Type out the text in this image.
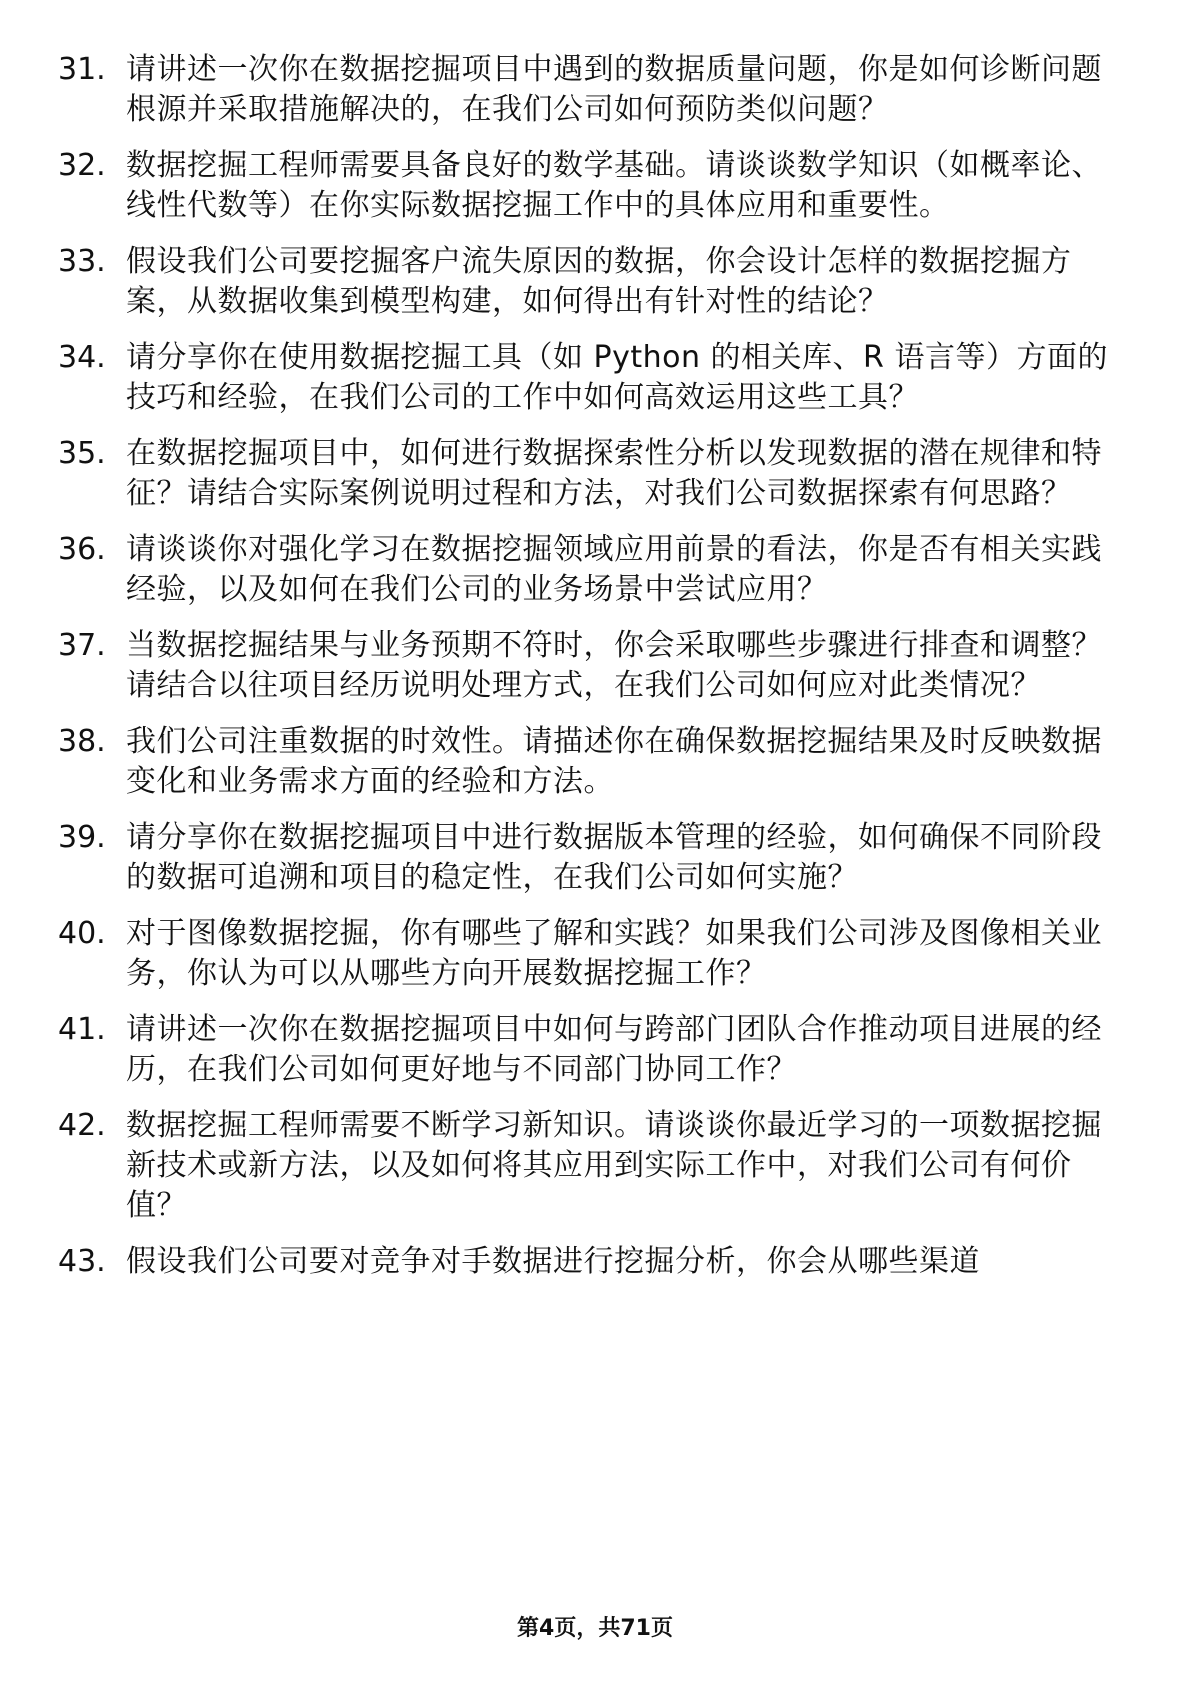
31. 请讲述一次你在数据挖掘项目中遇到的数据质量问题，你是如何诊断问题根源并采取措施解决的，在我们公司如何预防类似问题？
32. 数据挖掘工程师需要具备良好的数学基础。请谈谈数学知识（如概率论、线性代数等）在你实际数据挖掘工作中的具体应用和重要性。
33. 假设我们公司要挖掘客户流失原因的数据，你会设计怎样的数据挖掘方案，从数据收集到模型构建，如何得出有针对性的结论？
34. 请分享你在使用数据挖掘工具（如 Python 的相关库、R 语言等）方面的技巧和经验，在我们公司的工作中如何高效运用这些工具？
35. 在数据挖掘项目中，如何进行数据探索性分析以发现数据的潜在规律和特征？请结合实际案例说明过程和方法，对我们公司数据探索有何思路？
36. 请谈谈你对强化学习在数据挖掘领域应用前景的看法，你是否有相关实践经验，以及如何在我们公司的业务场景中尝试应用？
37. 当数据挖掘结果与业务预期不符时，你会采取哪些步骤进行排查和调整？请结合以往项目经历说明处理方式，在我们公司如何应对此类情况？
38. 我们公司注重数据的时效性。请描述你在确保数据挖掘结果及时反映数据变化和业务需求方面的经验和方法。
39. 请分享你在数据挖掘项目中进行数据版本管理的经验，如何确保不同阶段的数据可追溯和项目的稳定性，在我们公司如何实施？
40. 对于图像数据挖掘，你有哪些了解和实践？如果我们公司涉及图像相关业务，你认为可以从哪些方向开展数据挖掘工作？
41. 请讲述一次你在数据挖掘项目中如何与跨部门团队合作推动项目进展的经历，在我们公司如何更好地与不同部门协同工作？
42. 数据挖掘工程师需要不断学习新知识。请谈谈你最近学习的一项数据挖掘新技术或新方法，以及如何将其应用到实际工作中，对我们公司有何价值？
43. 假设我们公司要对竞争对手数据进行挖掘分析，你会从哪些渠道
第4页，共71页
